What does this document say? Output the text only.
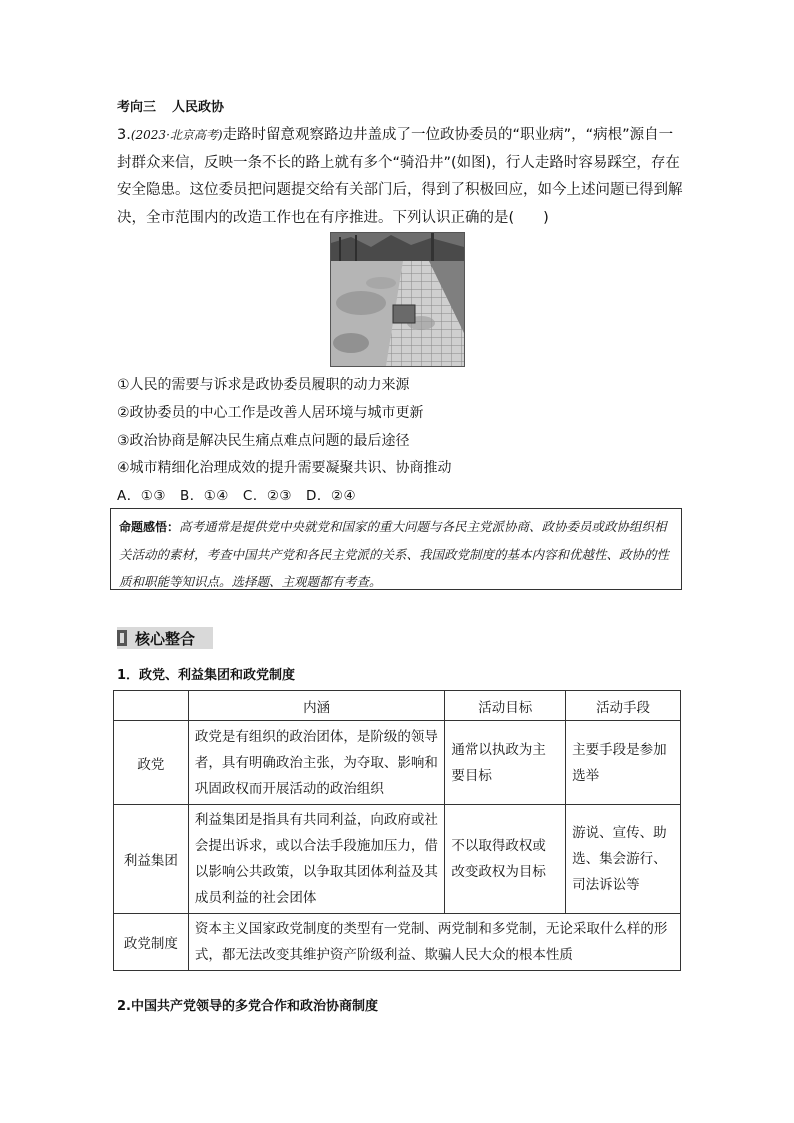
考向三 人民政协
3.(2023·北京高考)走路时留意观察路边井盖成了一位政协委员的“职业病”，“病根”源自一封群众来信，反映一条不长的路上就有多个“骑沿井”(如图)，行人走路时容易踩空，存在安全隐患。这位委员把问题提交给有关部门后，得到了积极回应，如今上述问题已得到解决，全市范围内的改造工作也在有序推进。下列认识正确的是(　　)
①人民的需要与诉求是政协委员履职的动力来源
②政协委员的中心工作是改善人居环境与城市更新
③政治协商是解决民生痛点难点问题的最后途径
④城市精细化治理成效的提升需要凝聚共识、协商推动
A．①③　B．①④　C．②③　D．②④
命题感悟：高考通常是提供党中央就党和国家的重大问题与各民主党派协商、政协委员或政协组织相关活动的素材，考查中国共产党和各民主党派的关系、我国政党制度的基本内容和优越性、政协的性质和职能等知识点。选择题、主观题都有考查。
核心整合
1．政党、利益集团和政党制度
	内涵	活动目标	活动手段
政党	政党是有组织的政治团体，是阶级的领导者，具有明确政治主张，为夺取、影响和巩固政权而开展活动的政治组织	通常以执政为主要目标	主要手段是参加选举
利益集团	利益集团是指具有共同利益，向政府或社会提出诉求，或以合法手段施加压力，借以影响公共政策，以争取其团体利益及其成员利益的社会团体	不以取得政权或改变政权为目标	游说、宣传、助选、集会游行、司法诉讼等
政党制度	资本主义国家政党制度的类型有一党制、两党制和多党制，无论采取什么样的形式，都无法改变其维护资产阶级利益、欺骗人民大众的根本性质		
2.中国共产党领导的多党合作和政治协商制度
